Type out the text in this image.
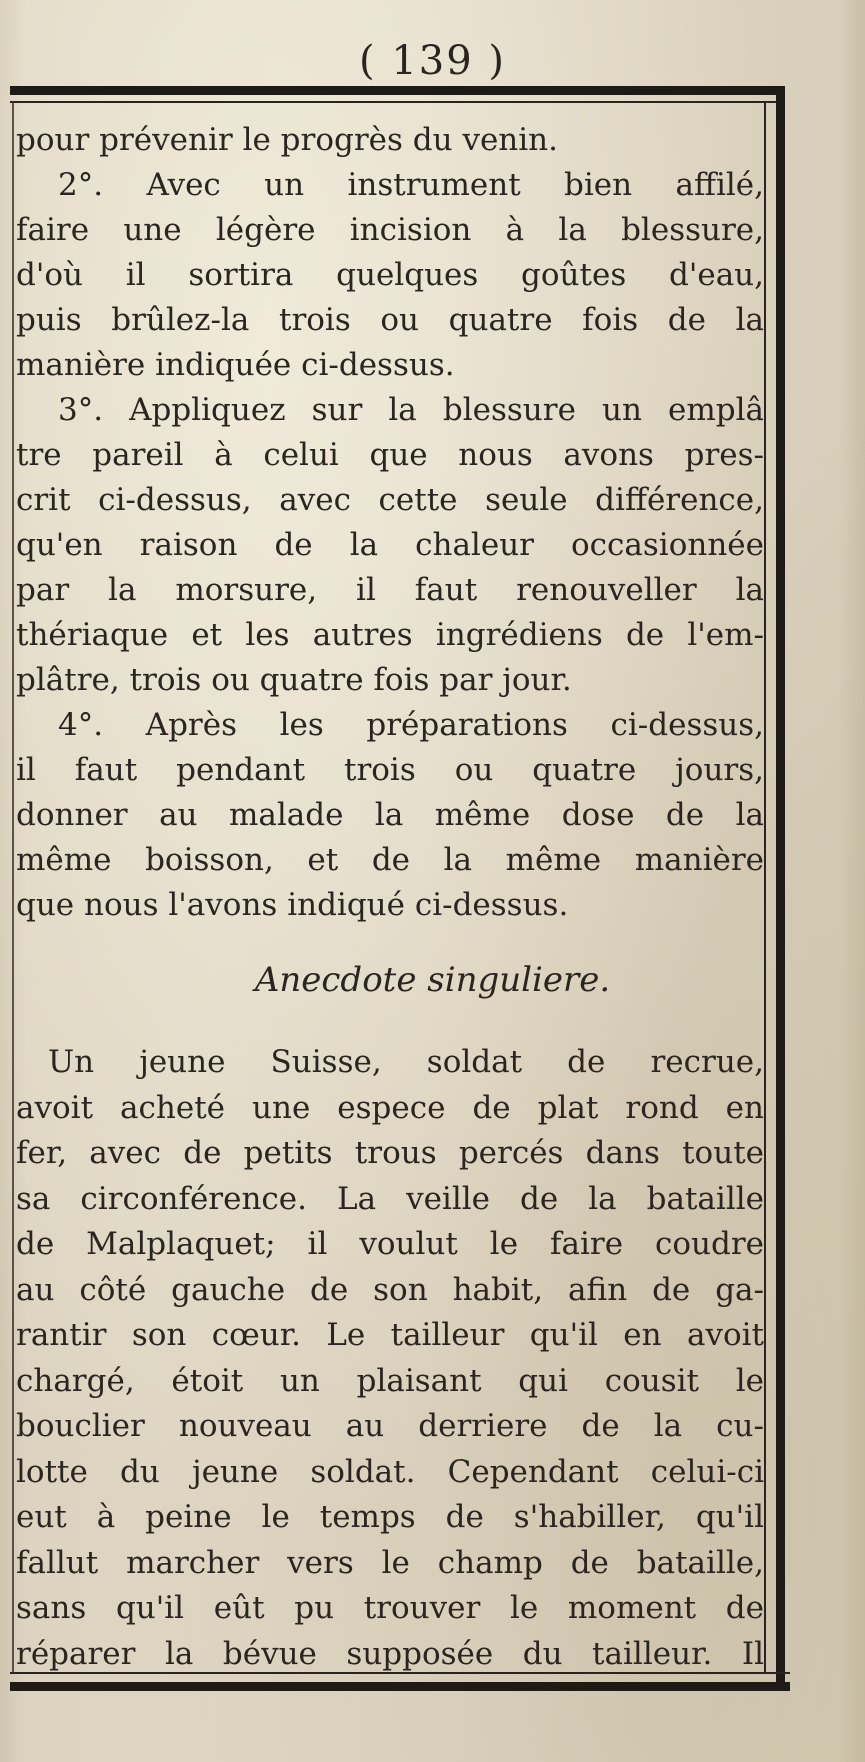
( 139 )
pour prévenir le progrès du venin.
2°. Avec un instrument bien affilé,
faire une légère incision à la blessure,
d'où il sortira quelques goûtes d'eau,
puis brûlez-la trois ou quatre fois de la
manière indiquée ci-dessus.
3°. Appliquez sur la blessure un emplâ
tre pareil à celui que nous avons pres-
crit ci-dessus, avec cette seule différence,
qu'en raison de la chaleur occasionnée
par la morsure, il faut renouveller la
thériaque et les autres ingrédiens de l'em-
plâtre, trois ou quatre fois par jour.
4°. Après les préparations ci-dessus,
il faut pendant trois ou quatre jours,
donner au malade la même dose de la
même boisson, et de la même manière
que nous l'avons indiqué ci-dessus.
Anecdote singuliere.
Un jeune Suisse, soldat de recrue,
avoit acheté une espece de plat rond en
fer, avec de petits trous percés dans toute
sa circonférence. La veille de la bataille
de Malplaquet; il voulut le faire coudre
au côté gauche de son habit, afin de ga-
rantir son cœur. Le tailleur qu'il en avoit
chargé, étoit un plaisant qui cousit le
bouclier nouveau au derriere de la cu-
lotte du jeune soldat. Cependant celui-ci
eut à peine le temps de s'habiller, qu'il
fallut marcher vers le champ de bataille,
sans qu'il eût pu trouver le moment de
réparer la bévue supposée du tailleur. Il
